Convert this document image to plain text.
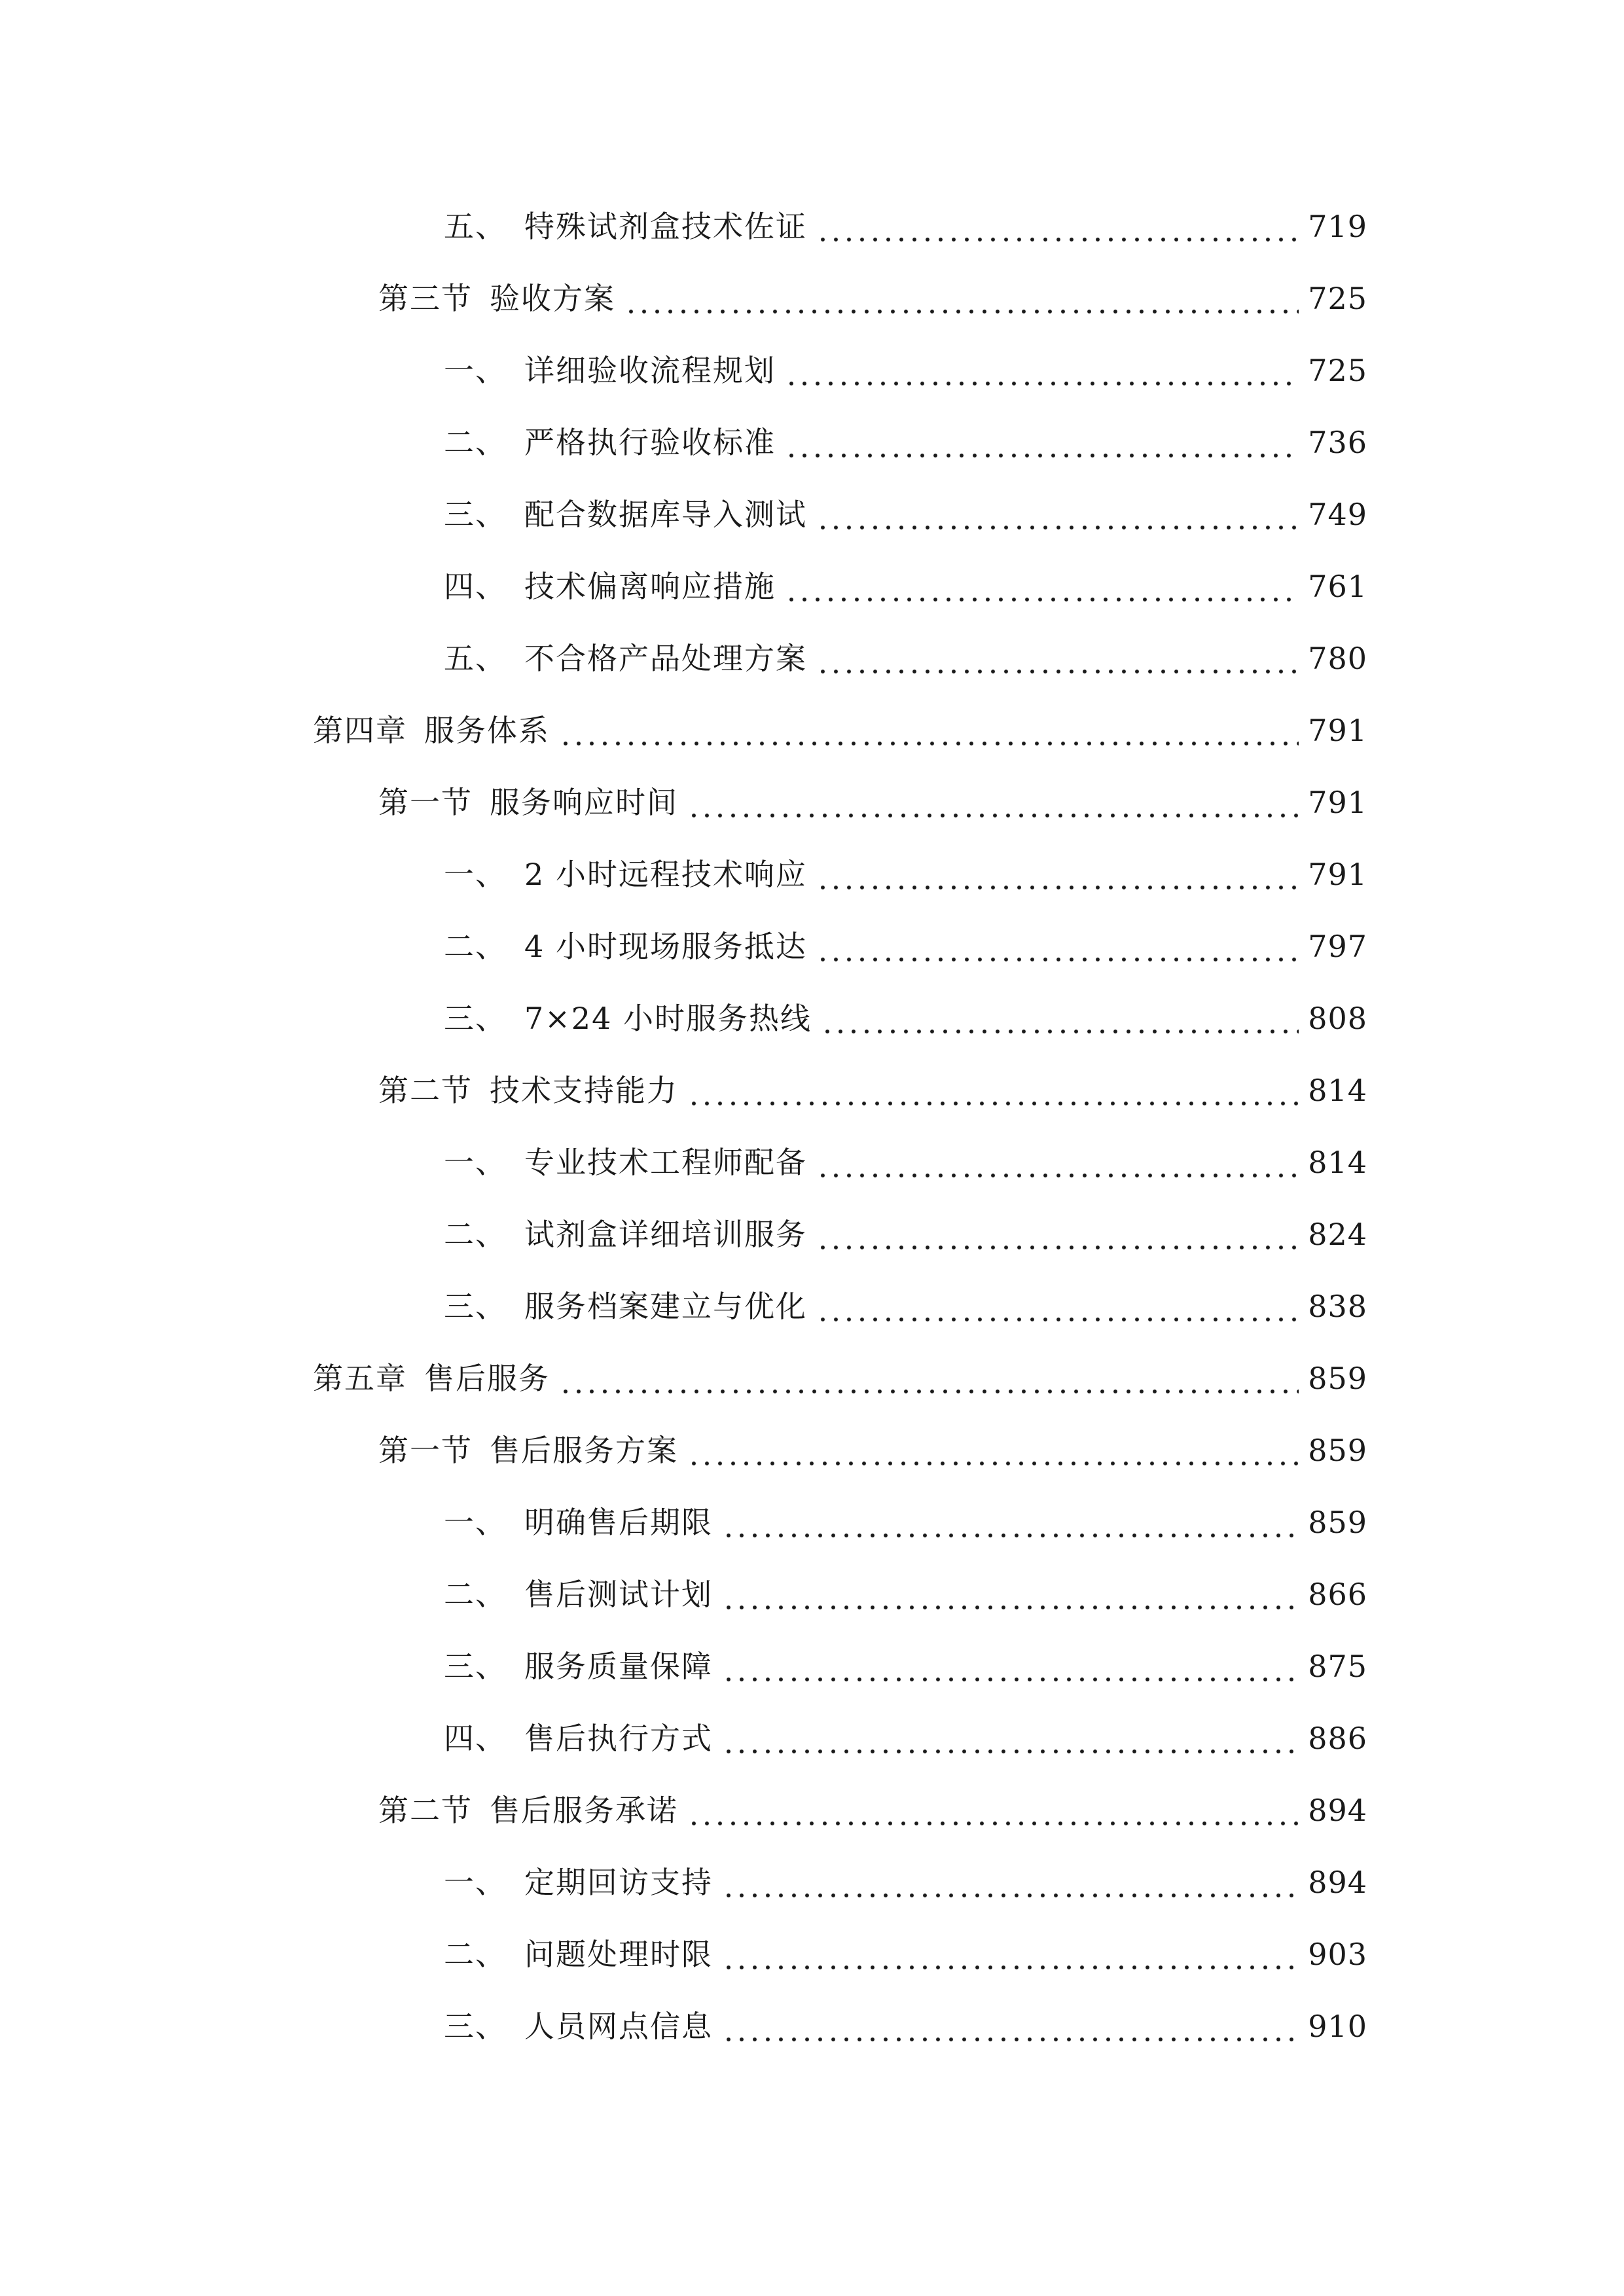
五、 特殊试剂盒技术佐证	719
第三节 验收方案	725
一、 详细验收流程规划	725
二、 严格执行验收标准	736
三、 配合数据库导入测试	749
四、 技术偏离响应措施	761
五、 不合格产品处理方案	780
第四章 服务体系	791
第一节 服务响应时间	791
一、 2 小时远程技术响应	791
二、 4 小时现场服务抵达	797
三、 7×24 小时服务热线	808
第二节 技术支持能力	814
一、 专业技术工程师配备	814
二、 试剂盒详细培训服务	824
三、 服务档案建立与优化	838
第五章 售后服务	859
第一节 售后服务方案	859
一、 明确售后期限	859
二、 售后测试计划	866
三、 服务质量保障	875
四、 售后执行方式	886
第二节 售后服务承诺	894
一、 定期回访支持	894
二、 问题处理时限	903
三、 人员网点信息	910
